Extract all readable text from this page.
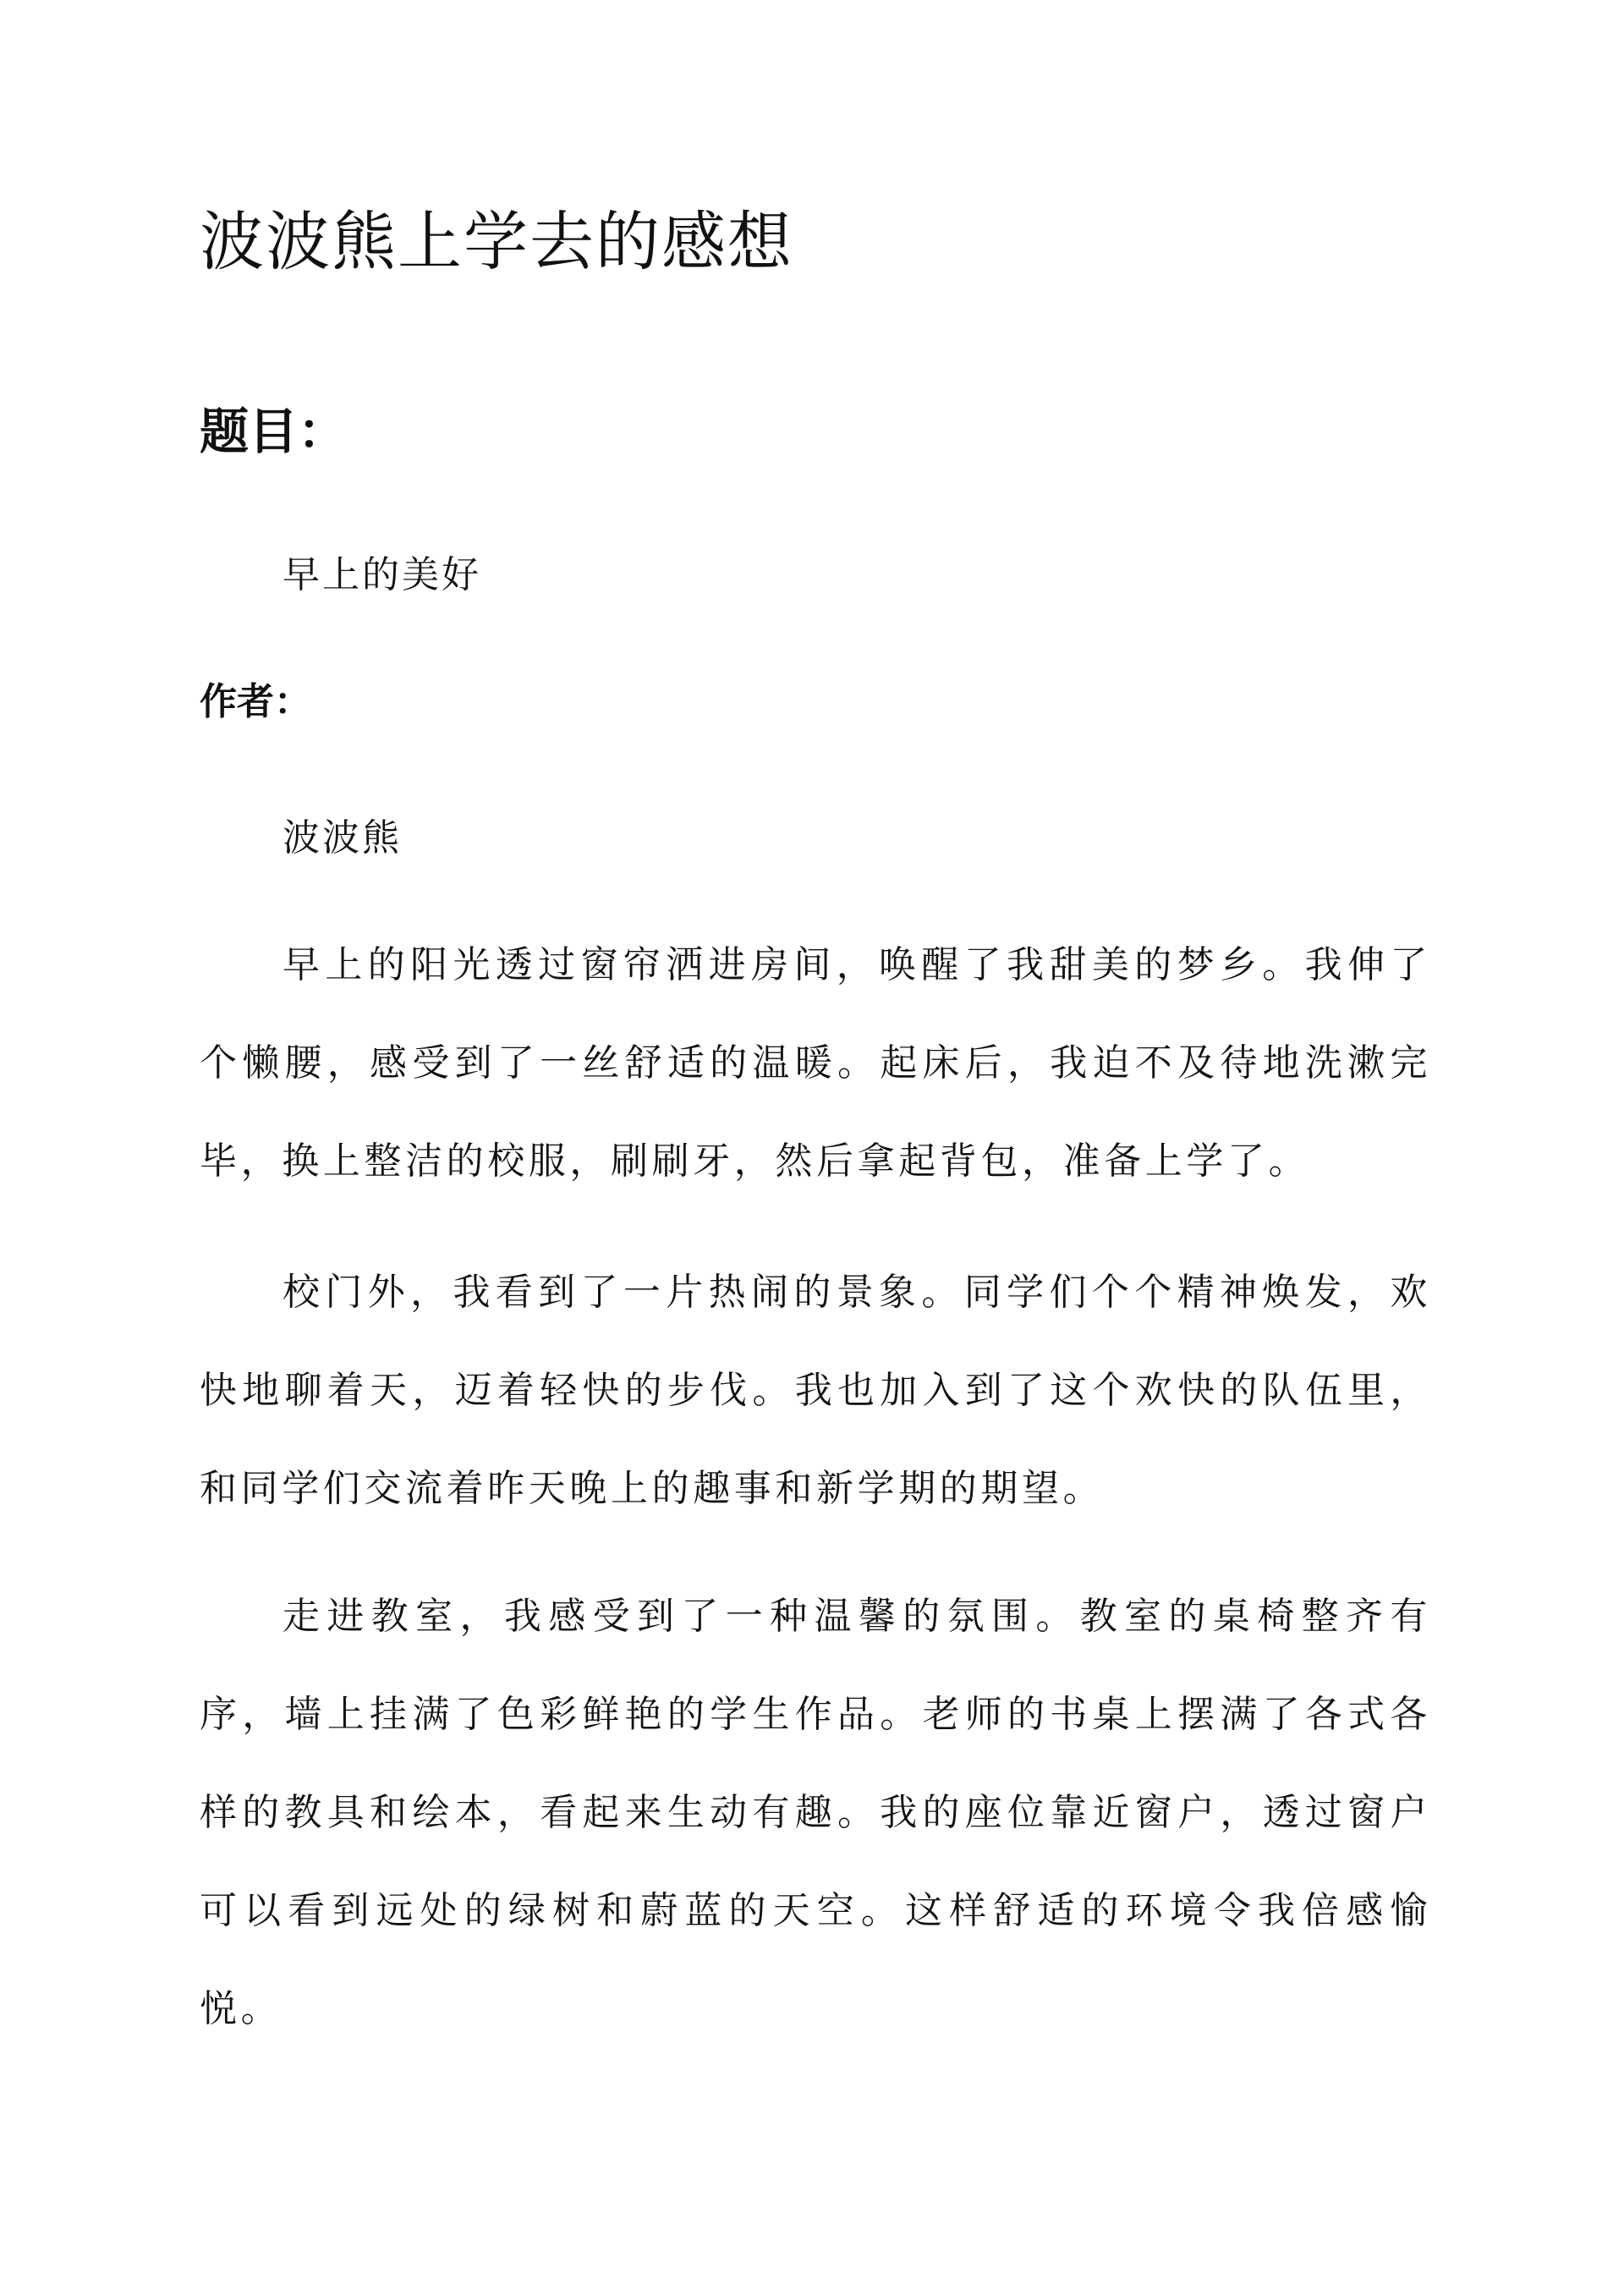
波波熊上学去的感想
题目：
早上的美好
作者：
波波熊

早上的阳光透过窗帘洒进房间，唤醒了我甜美的梦乡。我伸了个懒腰，感受到了一丝舒适的温暖。起床后，我迫不及待地洗漱完毕，换上整洁的校服，刷刷牙，然后拿起背包，准备上学了。

校门外，我看到了一片热闹的景象。同学们个个精神焕发，欢快地聊着天，迈着轻快的步伐。我也加入到了这个欢快的队伍里，和同学们交流着昨天晚上的趣事和新学期的期望。

走进教室，我感受到了一种温馨的氛围。教室的桌椅整齐有序，墙上挂满了色彩鲜艳的学生作品。老师的书桌上摆满了各式各样的教具和绘本，看起来生动有趣。我的座位靠近窗户，透过窗户可以看到远处的绿树和蔚蓝的天空。这样舒适的环境令我倍感愉悦。
